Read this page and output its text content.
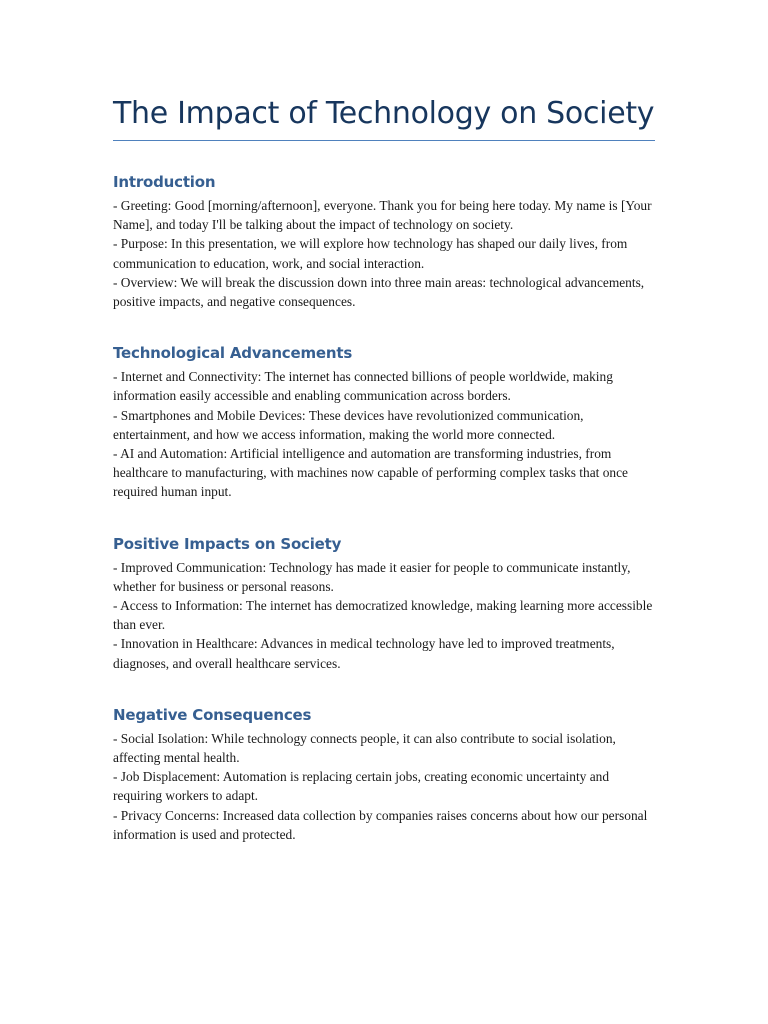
The Impact of Technology on Society
Introduction

- Greeting: Good [morning/afternoon], everyone. Thank you for being here today. My name is [Your Name], and today I'll be talking about the impact of technology on society.
- Purpose: In this presentation, we will explore how technology has shaped our daily lives, from communication to education, work, and social interaction.
- Overview: We will break the discussion down into three main areas: technological advancements, positive impacts, and negative consequences.

Technological Advancements

- Internet and Connectivity: The internet has connected billions of people worldwide, making information easily accessible and enabling communication across borders.
- Smartphones and Mobile Devices: These devices have revolutionized communication, entertainment, and how we access information, making the world more connected.
- AI and Automation: Artificial intelligence and automation are transforming industries, from healthcare to manufacturing, with machines now capable of performing complex tasks that once required human input.

Positive Impacts on Society

- Improved Communication: Technology has made it easier for people to communicate instantly, whether for business or personal reasons.
- Access to Information: The internet has democratized knowledge, making learning more accessible than ever.
- Innovation in Healthcare: Advances in medical technology have led to improved treatments, diagnoses, and overall healthcare services.

Negative Consequences

- Social Isolation: While technology connects people, it can also contribute to social isolation, affecting mental health.
- Job Displacement: Automation is replacing certain jobs, creating economic uncertainty and requiring workers to adapt.
- Privacy Concerns: Increased data collection by companies raises concerns about how our personal information is used and protected.
